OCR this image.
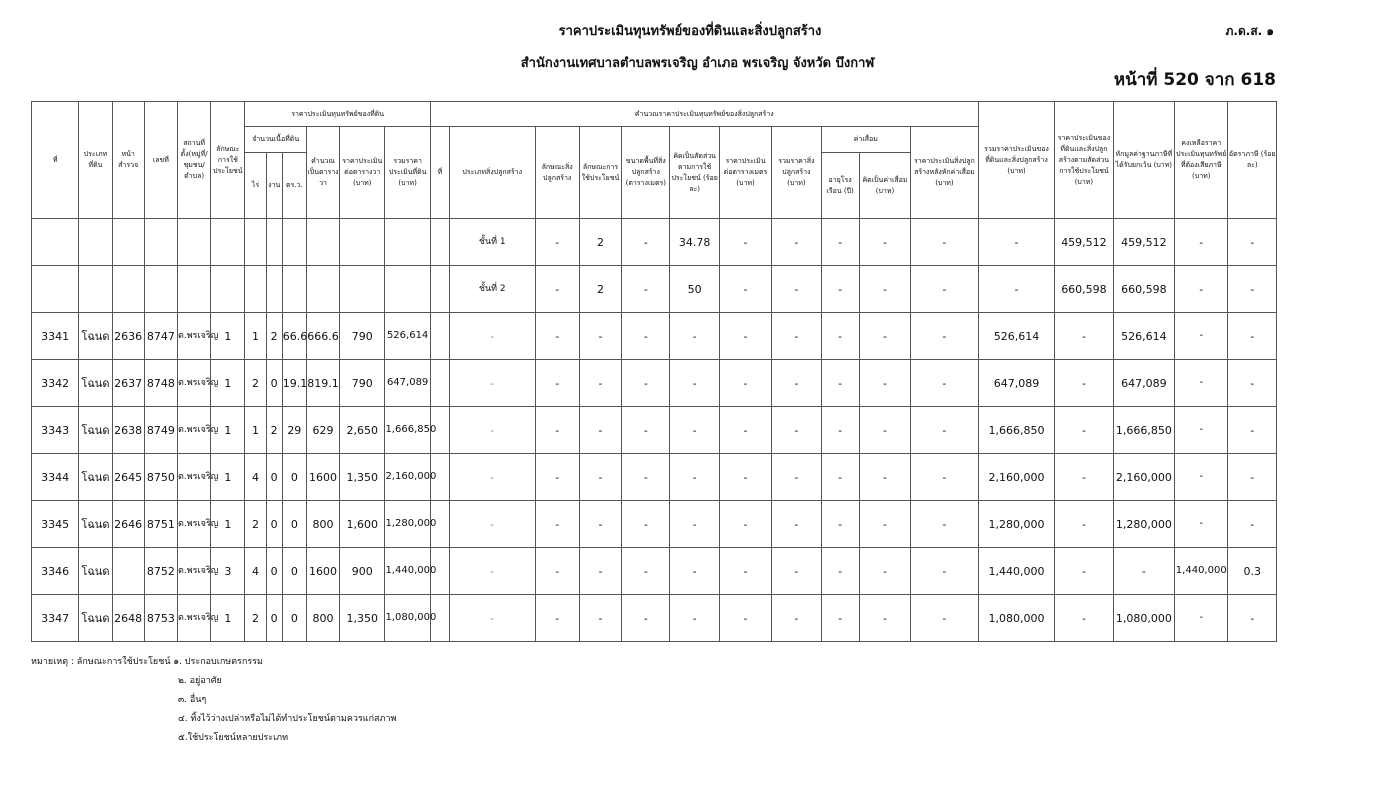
ราคาประเมินทุนทรัพย์ของที่ดินและสิ่งปลูกสร้าง
สำนักงานเทศบาลตำบลพรเจริญ อำเภอ พรเจริญ จังหวัด บึงกาฬ
ภ.ด.ส. ๑
หน้าที่ 520 จาก 618
ที่	ประเภทที่ดิน	หน้าสำรวจ	เลขที่	สถานที่ตั้ง(หมู่ที่/ชุมชน/ตำบล)	ลักษณะการใช้ประโยชน์	ราคาประเมินทุนทรัพย์ของที่ดิน						คำนวณราคาประเมินทุนทรัพย์ของสิ่งปลูกสร้าง											รวมราคาประเมินของที่ดินและสิ่งปลูกสร้าง (บาท)	ราคาประเมินของที่ดินและสิ่งปลูกสร้างตามสัดส่วนการใช้ประโยชน์ (บาท)	หักมูลค่าฐานภาษีที่ได้รับยกเว้น (บาท)	คงเหลือราคาประเมินทุนทรัพย์ที่ต้องเสียภาษี (บาท)	อัตราภาษี (ร้อยละ)
						จำนวนเนื้อที่ดิน			คำนวณเป็นตารางวา	ราคาประเมินต่อตารางวา (บาท)	รวมราคาประเมินที่ดิน (บาท)	ที่	ประเภทสิ่งปลูกสร้าง	ลักษณะสิ่งปลูกสร้าง	ลักษณะการใช้ประโยชน์	ขนาดพื้นที่สิ่งปลูกสร้าง (ตารางเมตร)	คิดเป็นสัดส่วนตามการใช้ประโยชน์ (ร้อยละ)	ราคาประเมินต่อตารางเมตร (บาท)	รวมราคาสิ่งปลูกสร้าง (บาท)	ค่าเสื่อม		ราคาประเมินสิ่งปลูกสร้างหลังหักค่าเสื่อม (บาท)					
						ไร่	งาน	ตร.ว.												อายุโรงเรือน (ปี)	คิดเป็นค่าเสื่อม (บาท)						
													ชั้นที่ 1	-	2	-	34.78	-	-	-	-	-	-	459,512	459,512	-	-
													ชั้นที่ 2	-	2	-	50	-	-	-	-	-	-	660,598	660,598	-	-
3341	โฉนด	2636	8747	ต.พรเจริญ	1	1	2	66.6	666.6	790	526,614		-	-	-	-	-	-	-	-	-	-	526,614	-	526,614	-	-
3342	โฉนด	2637	8748	ต.พรเจริญ	1	2	0	19.1	819.1	790	647,089		-	-	-	-	-	-	-	-	-	-	647,089	-	647,089	-	-
3343	โฉนด	2638	8749	ต.พรเจริญ	1	1	2	29	629	2,650	1,666,850		-	-	-	-	-	-	-	-	-	-	1,666,850	-	1,666,850	-	-
3344	โฉนด	2645	8750	ต.พรเจริญ	1	4	0	0	1600	1,350	2,160,000		-	-	-	-	-	-	-	-	-	-	2,160,000	-	2,160,000	-	-
3345	โฉนด	2646	8751	ต.พรเจริญ	1	2	0	0	800	1,600	1,280,000		-	-	-	-	-	-	-	-	-	-	1,280,000	-	1,280,000	-	-
3346	โฉนด		8752	ต.พรเจริญ	3	4	0	0	1600	900	1,440,000		-	-	-	-	-	-	-	-	-	-	1,440,000	-	-	1,440,000	0.3
3347	โฉนด	2648	8753	ต.พรเจริญ	1	2	0	0	800	1,350	1,080,000		-	-	-	-	-	-	-	-	-	-	1,080,000	-	1,080,000	-	-
หมายเหตุ : ลักษณะการใช้ประโยชน์ ๑. ประกอบเกษตรกรรม
๒. อยู่อาศัย
๓. อื่นๆ
๔. ทิ้งไว้ว่างเปล่าหรือไม่ได้ทำประโยชน์ตามควรแก่สภาพ
๕.ใช้ประโยชน์หลายประเภท
